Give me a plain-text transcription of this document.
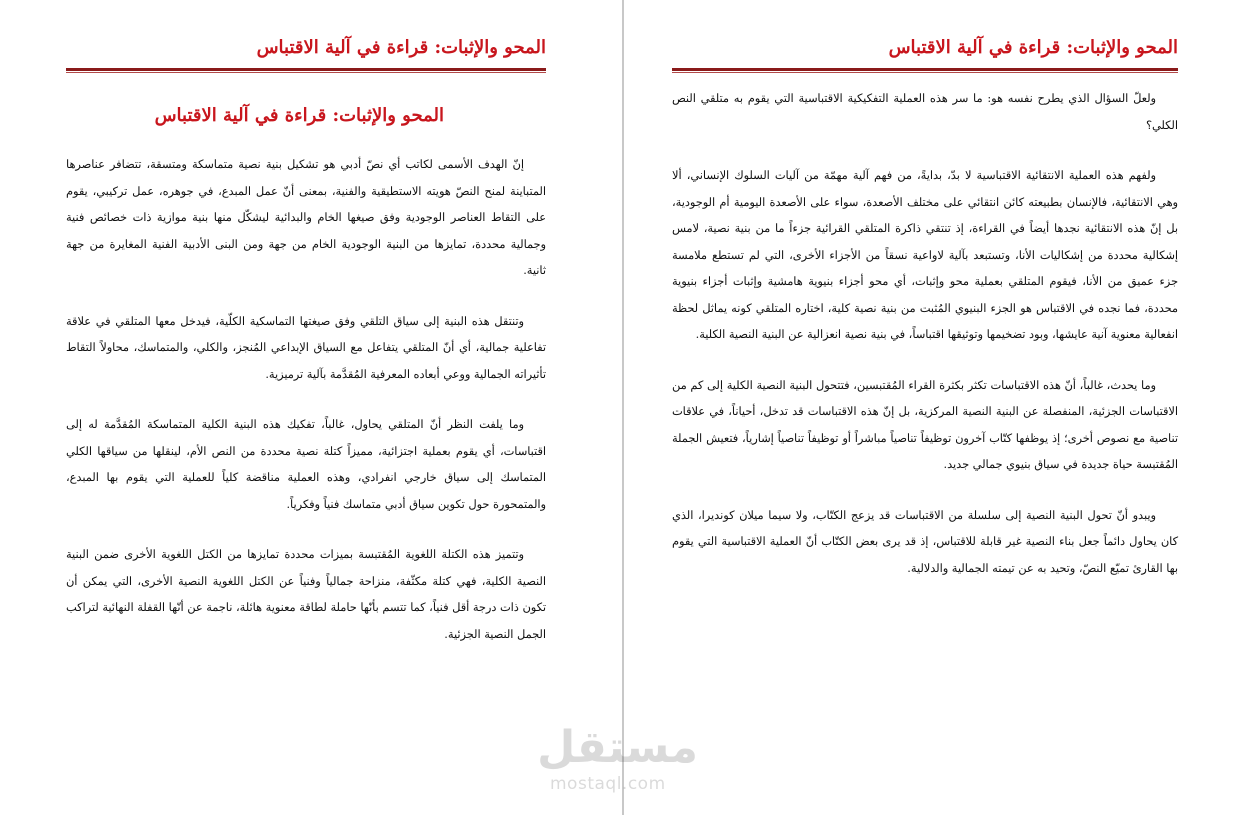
المحو والإثبات: قراءة في آلية الاقتباس
المحو والإثبات: قراءة في آلية الاقتباس

إنّ الهدف الأسمى لكاتب أي نصّ أدبي هو تشكيل بنية نصية متماسكة ومتسقة، تتضافر عناصرها المتباينة لمنح النصّ هويته الاستطيقية والفنية، بمعنى أنّ عمل المبدع، في جوهره، عمل تركيبي، يقوم على التقاط العناصر الوجودية وفق صيغها الخام والبدائية ليشكّل منها بنية موازية ذات خصائص فنية وجمالية محددة، تمايزها من البنية الوجودية الخام من جهة ومن البنى الأدبية الفنية المغايرة من جهة ثانية.

وتنتقل هذه البنية إلى سياق التلقي وفق صيغتها التماسكية الكلّية، فيدخل معها المتلقي في علاقة تفاعلية جمالية، أي أنّ المتلقي يتفاعل مع السياق الإبداعي المُنجز، والكلي، والمتماسك، محاولاً التقاط تأثيراته الجمالية ووعي أبعاده المعرفية المُقدَّمة بآلية ترميزية.

وما يلفت النظر أنّ المتلقي يحاول، غالباً، تفكيك هذه البنية الكلية المتماسكة المُقدَّمة له إلى اقتباسات، أي يقوم بعملية اجتزائية، مميزاً كتلة نصية محددة من النص الأم، لينقلها من سياقها الكلي المتماسك إلى سياق خارجي انفرادي، وهذه العملية مناقضة كلياً للعملية التي يقوم بها المبدع، والمتمحورة حول تكوين سياق أدبي متماسك فنياً وفكرياً.

وتتميز هذه الكتلة اللغوية المُقتبسة بميزات محددة تمايزها من الكتل اللغوية الأخرى ضمن البنية النصية الكلية، فهي كتلة مكثّفة، منزاحة جمالياً وفنياً عن الكتل اللغوية النصية الأخرى، التي يمكن أن تكون ذات درجة أقل فنياً، كما تتسم بأنّها حاملة لطاقة معنوية هائلة، ناجمة عن أنّها القفلة النهائية لتراكب الجمل النصية الجزئية.

المحو والإثبات: قراءة في آلية الاقتباس

ولعلّ السؤال الذي يطرح نفسه هو: ما سر هذه العملية التفكيكية الاقتباسية التي يقوم به متلقي النص الكلي؟

ولفهم هذه العملية الانتقائية الاقتباسية لا بدّ، بدايةً، من فهم آلية مهمّة من آليات السلوك الإنساني، ألا وهي الانتقائية، فالإنسان بطبيعته كائن انتقائي على مختلف الأصعدة، سواء على الأصعدة اليومية أم الوجودية، بل إنّ هذه الانتقائية نجدها أيضاً في القراءة، إذ تنتقي ذاكرة المتلقي القرائية جزءاً ما من بنية نصية، لامس إشكالية محددة من إشكاليات الأنا، وتستبعد بآلية لاواعية نسقاً من الأجزاء الأخرى، التي لم تستطع ملامسة جزء عميق من الأنا، فيقوم المتلقي بعملية محو وإثبات، أي محو أجزاء بنيوية هامشية وإثبات أجزاء بنيوية محددة، فما نجده في الاقتباس هو الجزء البنيوي المُثبت من بنية نصية كلية، اختاره المتلقي كونه يماثل لحظة انفعالية معنوية آنية عايشها، وبود تضخيمها وتوثيقها اقتباساً، في بنية نصية انعزالية عن البنية النصية الكلية.

وما يحدث، غالباً، أنّ هذه الاقتباسات تكثر بكثرة القراء المُقتبسين، فتتحول البنية النصية الكلية إلى كم من الاقتباسات الجزئية، المنفصلة عن البنية النصية المركزية، بل إنّ هذه الاقتباسات قد تدخل، أحياناً، في علاقات تناصية مع نصوص أخرى؛ إذ يوظفها كتّاب آخرون توظيفاً تناصياً مباشراً أو توظيفاً تناصياً إشارياً، فتعيش الجملة المُقتبسة حياة جديدة في سياق بنيوي جمالي جديد.

ويبدو أنّ تحول البنية النصية إلى سلسلة من الاقتباسات قد يزعج الكتّاب، ولا سيما ميلان كونديرا، الذي كان يحاول دائماً جعل بناء النصية غير قابلة للاقتباس، إذ قد يرى بعض الكتّاب أنّ العملية الاقتباسية التي يقوم بها القارئ تميّع النصّ، وتحيد به عن تيمته الجمالية والدلالية.

مستقل
mostaql.com
